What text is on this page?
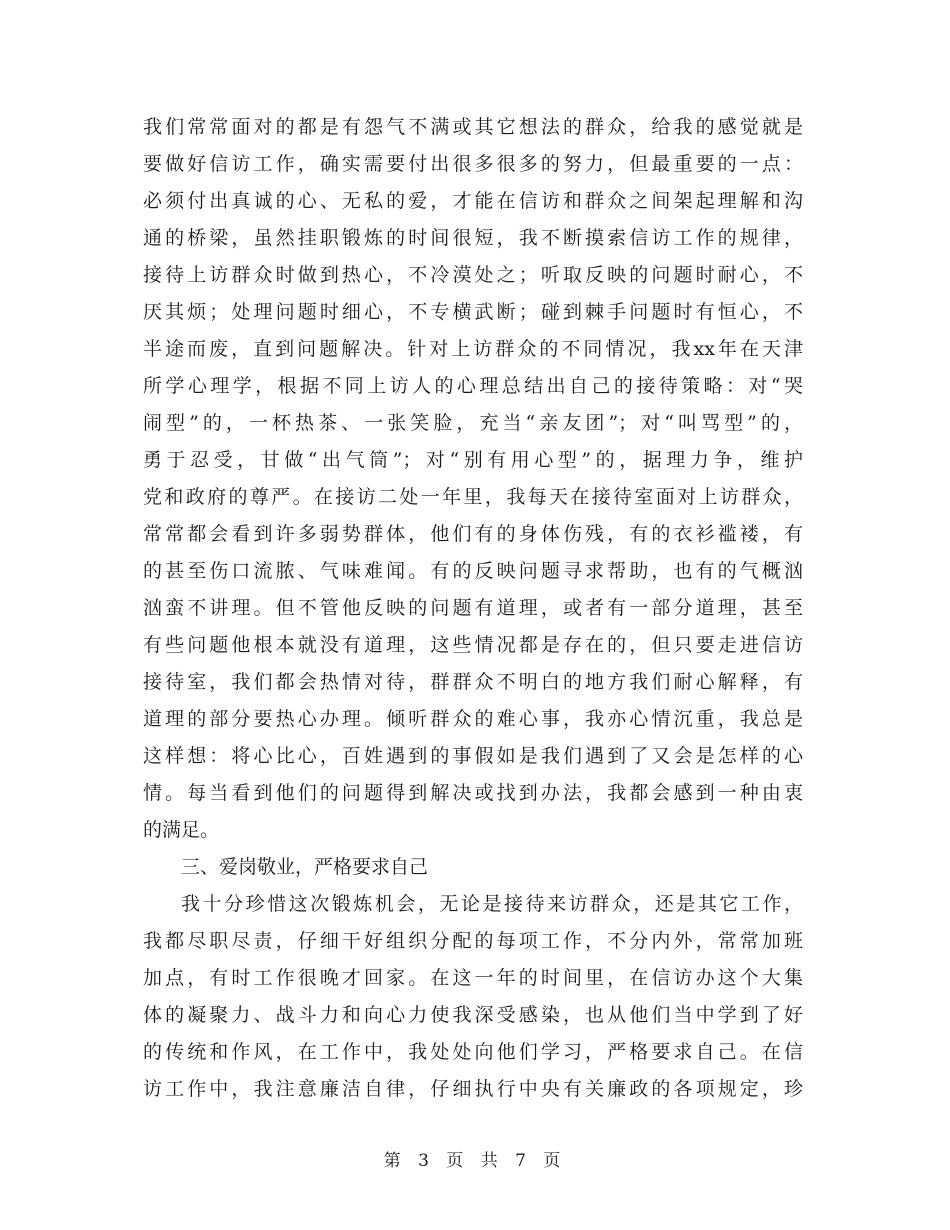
我们常常面对的都是有怨气不满或其它想法的群众，给我的感觉就是
要做好信访工作，确实需要付出很多很多的努力，但最重要的一点：
必须付出真诚的心、无私的爱，才能在信访和群众之间架起理解和沟
通的桥梁，虽然挂职锻炼的时间很短，我不断摸索信访工作的规律，
接待上访群众时做到热心，不冷漠处之；听取反映的问题时耐心，不
厌其烦；处理问题时细心，不专横武断；碰到棘手问题时有恒心，不
半途而废，直到问题解决。针对上访群众的不同情况，我xx年在天津
所学心理学，根据不同上访人的心理总结出自己的接待策略：对“哭
闹型”的，一杯热茶、一张笑脸，充当“亲友团”；对“叫骂型”的，
勇于忍受，甘做“出气筒”；对“别有用心型”的，据理力争，维护
党和政府的尊严。在接访二处一年里，我每天在接待室面对上访群众，
常常都会看到许多弱势群体，他们有的身体伤残，有的衣衫褴褛，有
的甚至伤口流脓、气味难闻。有的反映问题寻求帮助，也有的气概汹
汹蛮不讲理。但不管他反映的问题有道理，或者有一部分道理，甚至
有些问题他根本就没有道理，这些情况都是存在的，但只要走进信访
接待室，我们都会热情对待，群群众不明白的地方我们耐心解释，有
道理的部分要热心办理。倾听群众的难心事，我亦心情沉重，我总是
这样想：将心比心，百姓遇到的事假如是我们遇到了又会是怎样的心
情。每当看到他们的问题得到解决或找到办法，我都会感到一种由衷
的满足。
三、爱岗敬业，严格要求自己
我十分珍惜这次锻炼机会，无论是接待来访群众，还是其它工作，
我都尽职尽责，仔细干好组织分配的每项工作，不分内外，常常加班
加点，有时工作很晚才回家。在这一年的时间里，在信访办这个大集
体的凝聚力、战斗力和向心力使我深受感染，也从他们当中学到了好
的传统和作风，在工作中，我处处向他们学习，严格要求自己。在信
访工作中，我注意廉洁自律，仔细执行中央有关廉政的各项规定，珍
第 3 页 共 7 页
